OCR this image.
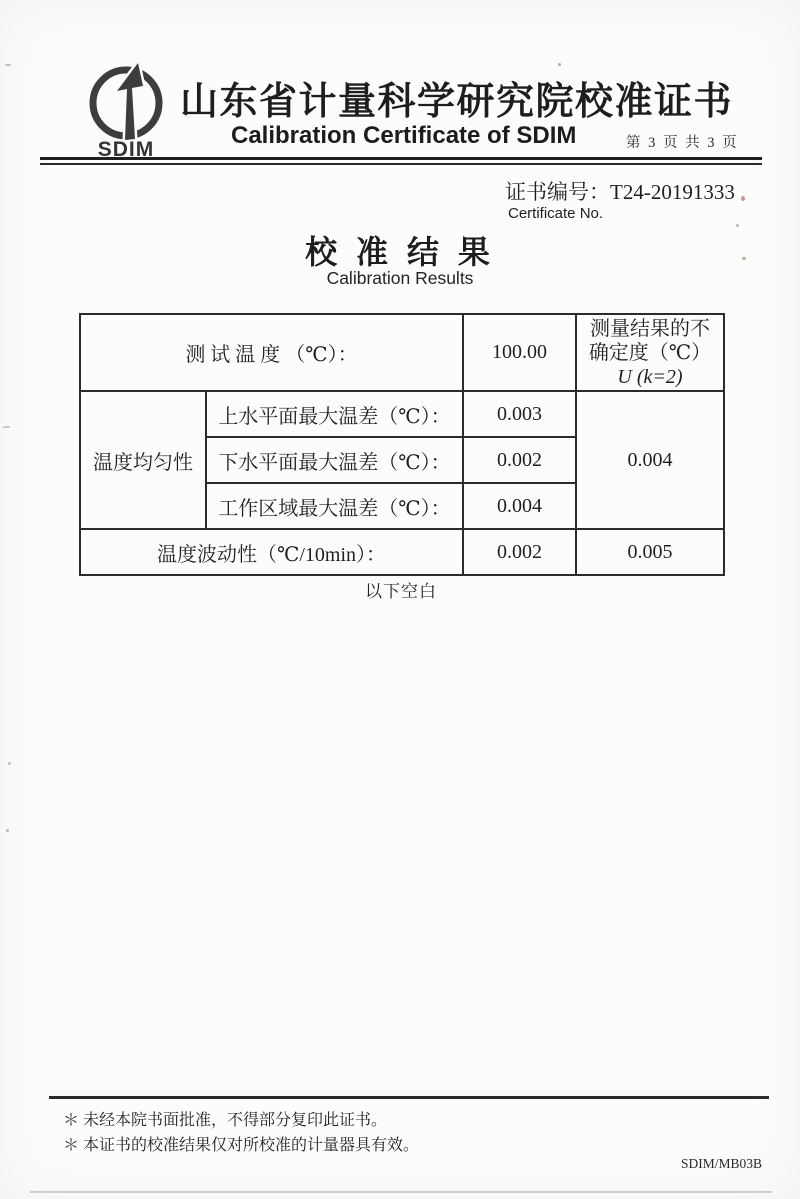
SDIM
山东省计量科学研究院校准证书
Calibration Certificate of SDIM	第 3 页 共 3 页
证书编号：T24-20191333
Certificate No.
校 准 结 果
Calibration Results
测 试 温 度 （℃）：		100.00	测量结果的不
确定度（℃）
U (k=2)

温度均匀性	上水平面最大温差（℃）：	0.003	0.004
	下水平面最大温差（℃）：	0.002	
	工作区域最大温差（℃）：	0.004	
温度波动性（℃/10min）：		0.002	0.005
以下空白
＊ 未经本院书面批准，不得部分复印此证书。
＊ 本证书的校准结果仅对所校准的计量器具有效。
SDIM/MB03B
